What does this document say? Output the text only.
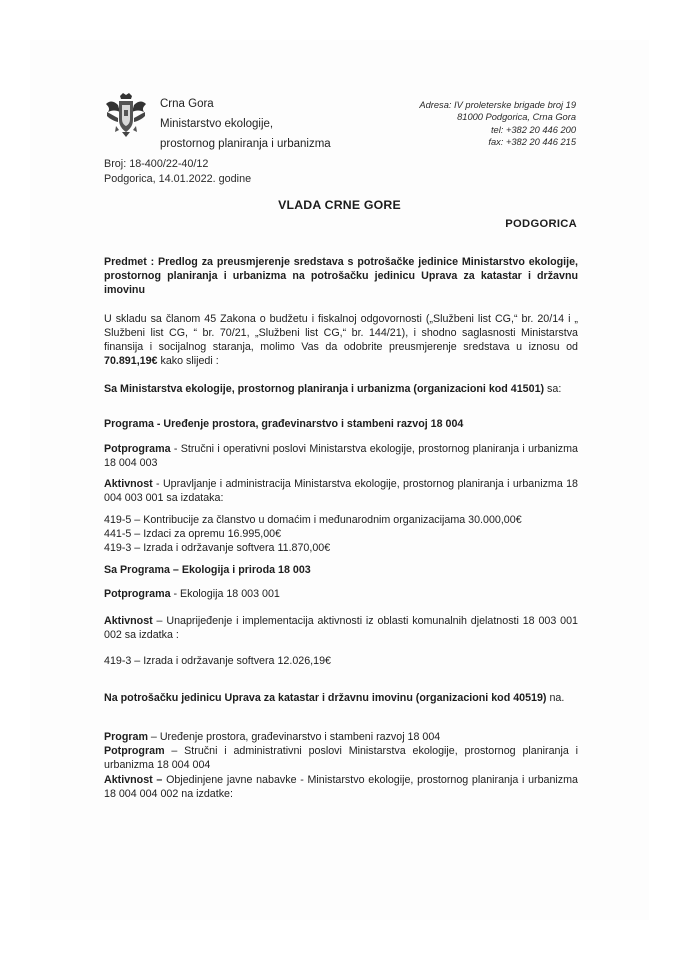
Crna Gora
Ministarstvo ekologije,
prostornog planiranja i urbanizma
Adresa: IV proleterske brigade broj 19
81000 Podgorica, Crna Gora
tel: +382 20 446 200
fax: +382 20 446 215
Broj: 18-400/22-40/12
Podgorica, 14.01.2022. godine
VLADA CRNE GORE
PODGORICA
Predmet : Predlog za preusmjerenje sredstava s potrošačke jedinice Ministarstvo ekologije, prostornog planiranja i urbanizma na potrošačku jedinicu Uprava za katastar i državnu imovinu
U skladu sa članom 45 Zakona o budžetu i fiskalnoj odgovornosti („Službeni list CG,“ br. 20/14 i „ Službeni list CG, “ br. 70/21, „Službeni list CG,“ br. 144/21), i shodno saglasnosti Ministarstva finansija i socijalnog staranja, molimo Vas da odobrite preusmjerenje sredstava u iznosu od 70.891,19€ kako slijedi :
Sa Ministarstva ekologije, prostornog planiranja i urbanizma (organizacioni kod 41501) sa:
Programa - Uređenje prostora, građevinarstvo i stambeni razvoj 18 004
Potprograma - Stručni i operativni poslovi Ministarstva ekologije, prostornog planiranja i urbanizma 18 004 003
Aktivnost - Upravljanje i administracija Ministarstva ekologije, prostornog planiranja i urbanizma 18 004 003 001 sa izdataka:
419-5 – Kontribucije za članstvo u domaćim i međunarodnim organizacijama 30.000,00€
441-5 – Izdaci za opremu 16.995,00€
419-3 – Izrada i održavanje softvera 11.870,00€
Sa Programa – Ekologija i priroda 18 003
Potprograma - Ekologija 18 003 001
Aktivnost – Unaprijeđenje i implementacija aktivnosti iz oblasti komunalnih djelatnosti 18 003 001 002 sa izdatka :
419-3 – Izrada i održavanje softvera 12.026,19€
Na potrošačku jedinicu Uprava za katastar i državnu imovinu (organizacioni kod 40519) na.
Program – Uređenje prostora, građevinarstvo i stambeni razvoj 18 004
Potprogram – Stručni i administrativni poslovi Ministarstva ekologije, prostornog planiranja i urbanizma 18 004 004
Aktivnost – Objedinjene javne nabavke - Ministarstvo ekologije, prostornog planiranja i urbanizma 18 004 004 002 na izdatke:
